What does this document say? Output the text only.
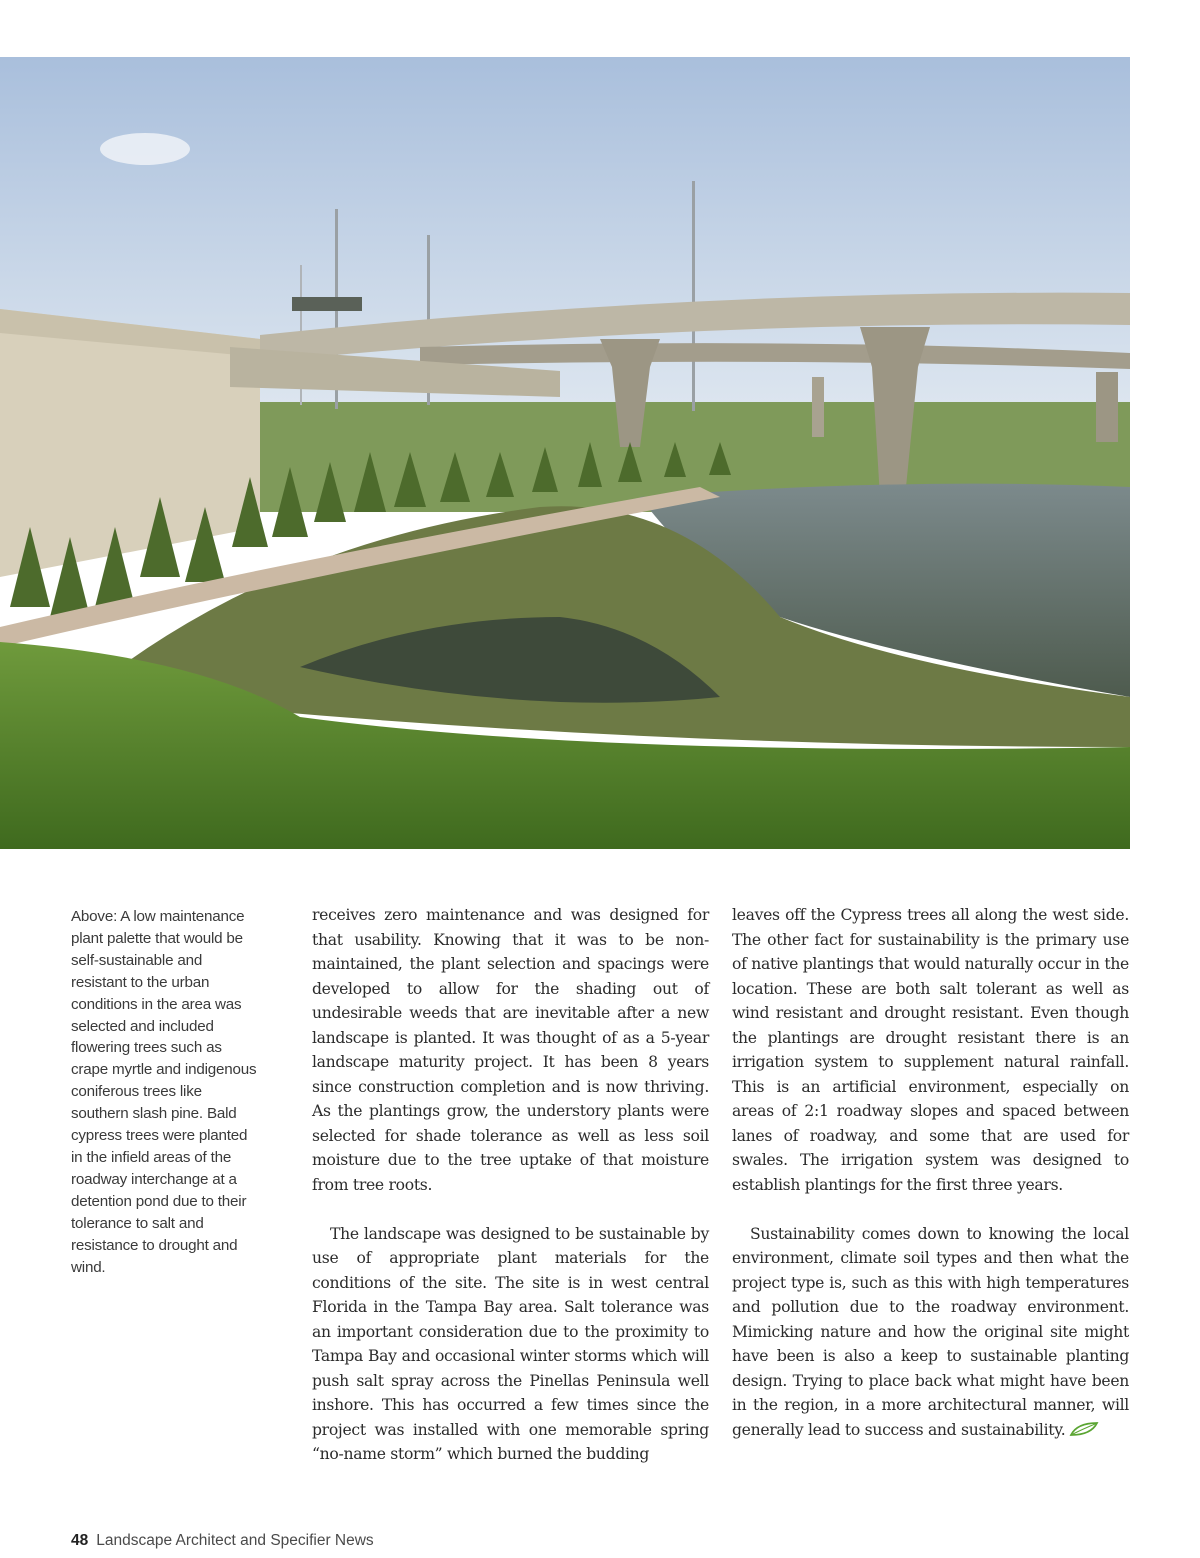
Above: A low maintenance plant palette that would be self-sustainable and resistant to the urban conditions in the area was selected and included flowering trees such as crape myrtle and indigenous coniferous trees like southern slash pine. Bald cypress trees were planted in the infield areas of the roadway interchange at a detention pond due to their tolerance to salt and resistance to drought and wind.

receives zero maintenance and was designed for that usability. Knowing that it was to be non-maintained, the plant selection and spacings were developed to allow for the shading out of undesirable weeds that are inevitable after a new landscape is planted. It was thought of as a 5-year landscape maturity project. It has been 8 years since construction completion and is now thriving. As the plantings grow, the understory plants were selected for shade tolerance as well as less soil moisture due to the tree uptake of that moisture from tree roots.

The landscape was designed to be sustainable by use of appropriate plant materials for the conditions of the site. The site is in west central Florida in the Tampa Bay area. Salt tolerance was an important consideration due to the proximity to Tampa Bay and occasional winter storms which will push salt spray across the Pinellas Peninsula well inshore. This has occurred a few times since the project was installed with one memorable spring “no-name storm” which burned the budding

leaves off the Cypress trees all along the west side. The other fact for sustainability is the primary use of native plantings that would naturally occur in the location. These are both salt tolerant as well as wind resistant and drought resistant. Even though the plantings are drought resistant there is an irrigation system to supplement natural rainfall. This is an artificial environment, especially on areas of 2:1 roadway slopes and spaced between lanes of roadway, and some that are used for swales. The irrigation system was designed to establish plantings for the first three years.

Sustainability comes down to knowing the local environment, climate soil types and then what the project type is, such as this with high temperatures and pollution due to the roadway environment. Mimicking nature and how the original site might have been is also a keep to sustainable planting design. Trying to place back what might have been in the region, in a more architectural manner, will generally lead to success and sustainability.

48 Landscape Architect and Specifier News
